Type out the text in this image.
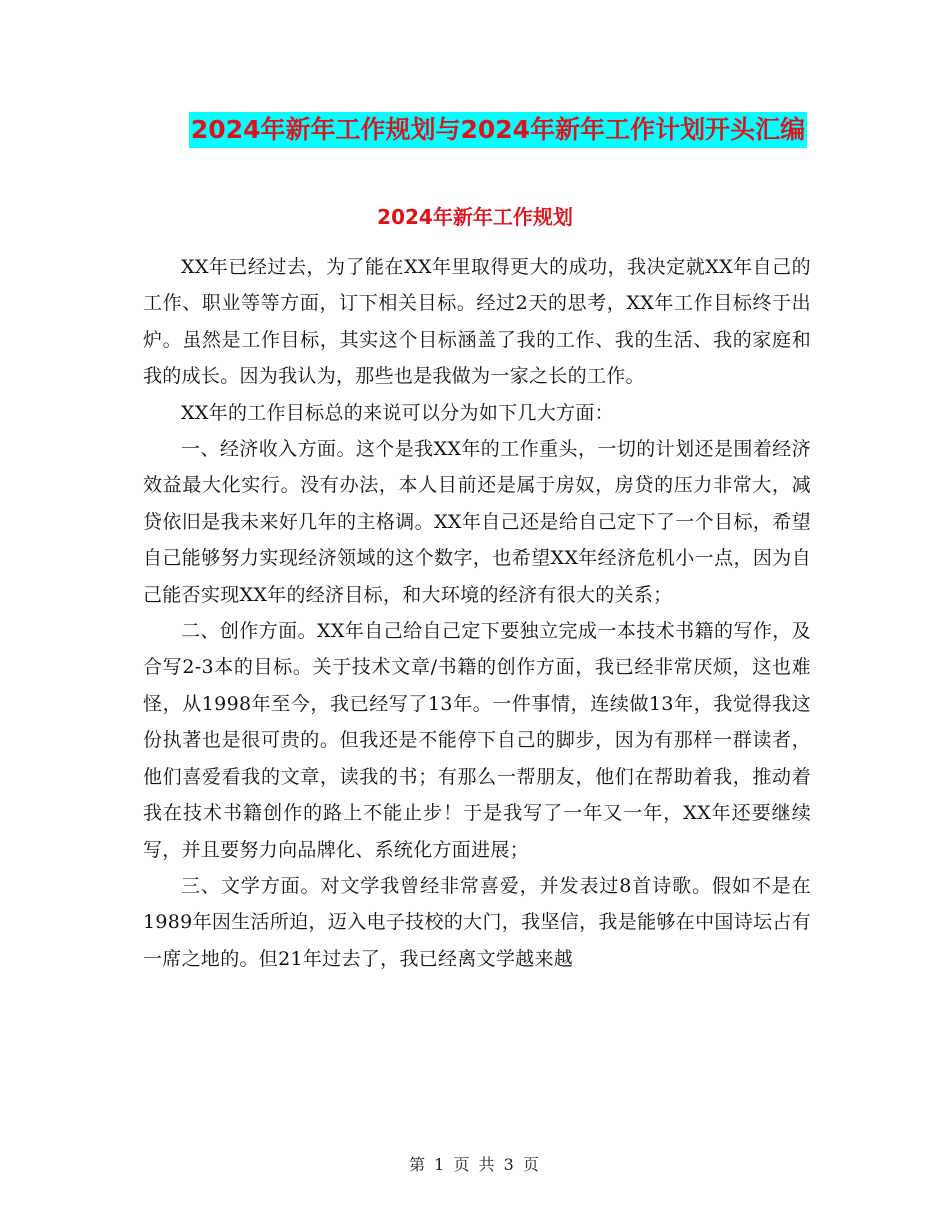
2024年新年工作规划与2024年新年工作计划开头汇编
2024年新年工作规划

XX年已经过去，为了能在XX年里取得更大的成功，我决定就XX年自己的工作、职业等等方面，订下相关目标。经过2天的思考，XX年工作目标终于出炉。虽然是工作目标，其实这个目标涵盖了我的工作、我的生活、我的家庭和我的成长。因为我认为，那些也是我做为一家之长的工作。

XX年的工作目标总的来说可以分为如下几大方面：

一、经济收入方面。这个是我XX年的工作重头，一切的计划还是围着经济效益最大化实行。没有办法，本人目前还是属于房奴，房贷的压力非常大，减贷依旧是我未来好几年的主格调。XX年自己还是给自己定下了一个目标，希望自己能够努力实现经济领域的这个数字，也希望XX年经济危机小一点，因为自己能否实现XX年的经济目标，和大环境的经济有很大的关系；

二、创作方面。XX年自己给自己定下要独立完成一本技术书籍的写作，及合写2-3本的目标。关于技术文章/书籍的创作方面，我已经非常厌烦，这也难怪，从1998年至今，我已经写了13年。一件事情，连续做13年，我觉得我这份执著也是很可贵的。但我还是不能停下自己的脚步，因为有那样一群读者，他们喜爱看我的文章，读我的书；有那么一帮朋友，他们在帮助着我，推动着我在技术书籍创作的路上不能止步！于是我写了一年又一年，XX年还要继续写，并且要努力向品牌化、系统化方面进展；

三、文学方面。对文学我曾经非常喜爱，并发表过8首诗歌。假如不是在1989年因生活所迫，迈入电子技校的大门，我坚信，我是能够在中国诗坛占有一席之地的。但21年过去了，我已经离文学越来越

第 1 页 共 3 页
